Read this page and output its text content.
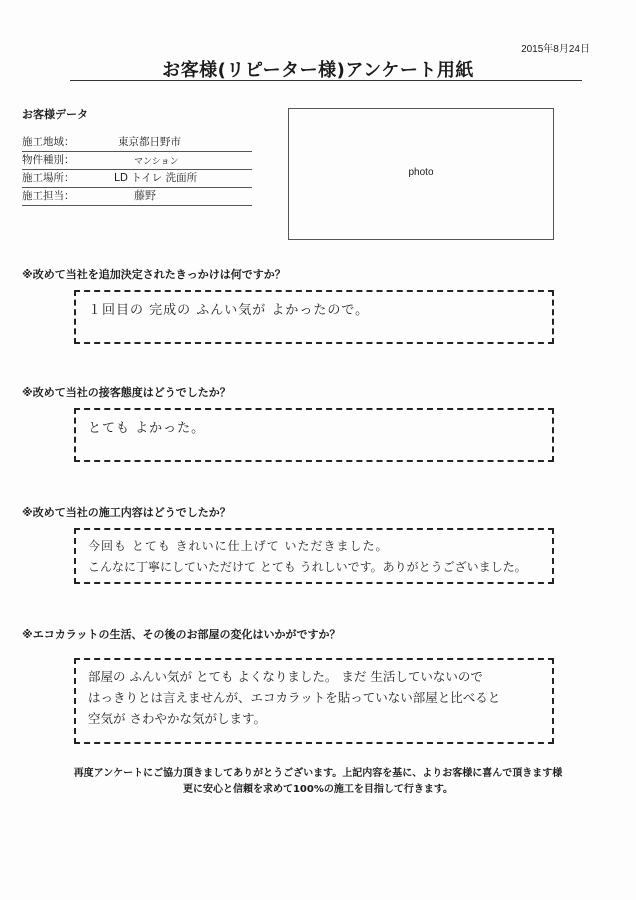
2015年8月24日
お客様(リピーター様)アンケート用紙
お客様データ
施工地域：	東京都日野市
物件種別：	マンション
施工場所：	LD トイレ 洗面所
施工担当：	藤野
photo
※改めて当社を追加決定されたきっかけは何ですか？
１回目の 完成の ふんい気が よかったので。
※改めて当社の接客態度はどうでしたか？
とても よかった。
※改めて当社の施工内容はどうでしたか？
今回も とても きれいに仕上げて いただきました。
こんなに丁寧にしていただけて とても うれしいです。ありがとうございました。
※エコカラットの生活、その後のお部屋の変化はいかがですか？
部屋の ふんい気が とても よくなりました。 まだ 生活していないので
はっきりとは言えませんが、エコカラットを貼っていない部屋と比べると
空気が さわやかな気がします。
再度アンケートにご協力頂きましてありがとうございます。上記内容を基に、よりお客様に喜んで頂きます様
更に安心と信頼を求めて100%の施工を目指して行きます。
